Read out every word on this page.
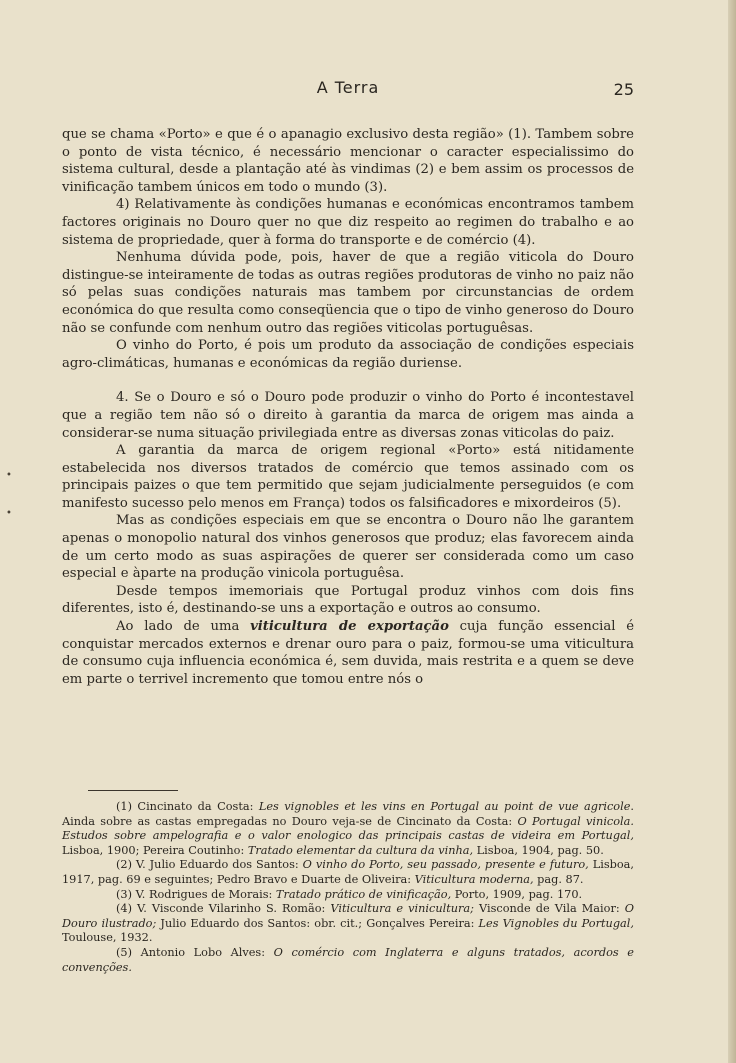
•
•
A Terra	25

que se chama «Porto» e que é o apanagio exclusivo desta região» (1). Tambem sobre o ponto de vista técnico, é necessário mencionar o caracter especialissimo do sistema cultural, desde a plantação até às vindimas (2) e bem assim os processos de vinificação tambem únicos em todo o mundo (3).

4) Relativamente às condições humanas e económicas encontramos tambem factores originais no Douro quer no que diz respeito ao regimen do trabalho e ao sistema de propriedade, quer à forma do transporte e de comércio (4).

Nenhuma dúvida pode, pois, haver de que a região viticola do Douro distingue-se inteiramente de todas as outras regiões produtoras de vinho no paiz não só pelas suas condições naturais mas tambem por circunstancias de ordem económica do que resulta como conseqüencia que o tipo de vinho generoso do Douro não se confunde com nenhum outro das regiões viticolas portuguêsas.

O vinho do Porto, é pois um produto da associação de condições especiais agro-climáticas, humanas e económicas da região duriense.

4. Se o Douro e só o Douro pode produzir o vinho do Porto é incontestavel que a região tem não só o direito à garantia da marca de origem mas ainda a considerar-se numa situação privilegiada entre as diversas zonas viticolas do paiz.

A garantia da marca de origem regional «Porto» está nitidamente estabelecida nos diversos tratados de comércio que temos assinado com os principais paizes o que tem permitido que sejam judicialmente perseguidos (e com manifesto sucesso pelo menos em França) todos os falsificadores e mixordeiros (5).

Mas as condições especiais em que se encontra o Douro não lhe garantem apenas o monopolio natural dos vinhos generosos que produz; elas favorecem ainda de um certo modo as suas aspirações de querer ser considerada como um caso especial e àparte na produção vinicola portuguêsa.

Desde tempos imemoriais que Portugal produz vinhos com dois fins diferentes, isto é, destinando-se uns a exportação e outros ao consumo.

Ao lado de uma viticultura de exportação cuja função essencial é conquistar mercados externos e drenar ouro para o paiz, formou-se uma viticultura de consumo cuja influencia económica é, sem duvida, mais restrita e a quem se deve em parte o terrivel incremento que tomou entre nós o

(1) Cincinato da Costa: Les vignobles et les vins en Portugal au point de vue agricole. Ainda sobre as castas empregadas no Douro veja-se de Cincinato da Costa: O Portugal vinicola. Estudos sobre ampelografia e o valor enologico das principais castas de videira em Portugal, Lisboa, 1900; Pereira Coutinho: Tratado elementar da cultura da vinha, Lisboa, 1904, pag. 50.

(2) V. Julio Eduardo dos Santos: O vinho do Porto, seu passado, presente e futuro, Lisboa, 1917, pag. 69 e seguintes; Pedro Bravo e Duarte de Oliveira: Viticultura moderna, pag. 87.

(3) V. Rodrigues de Morais: Tratado prático de vinificação, Porto, 1909, pag. 170.

(4) V. Visconde Vilarinho S. Romão: Viticultura e vinicultura; Visconde de Vila Maior: O Douro ilustrado; Julio Eduardo dos Santos: obr. cit.; Gonçalves Pereira: Les Vignobles du Portugal, Toulouse, 1932.

(5) Antonio Lobo Alves: O comércio com Inglaterra e alguns tratados, acordos e convenções.
